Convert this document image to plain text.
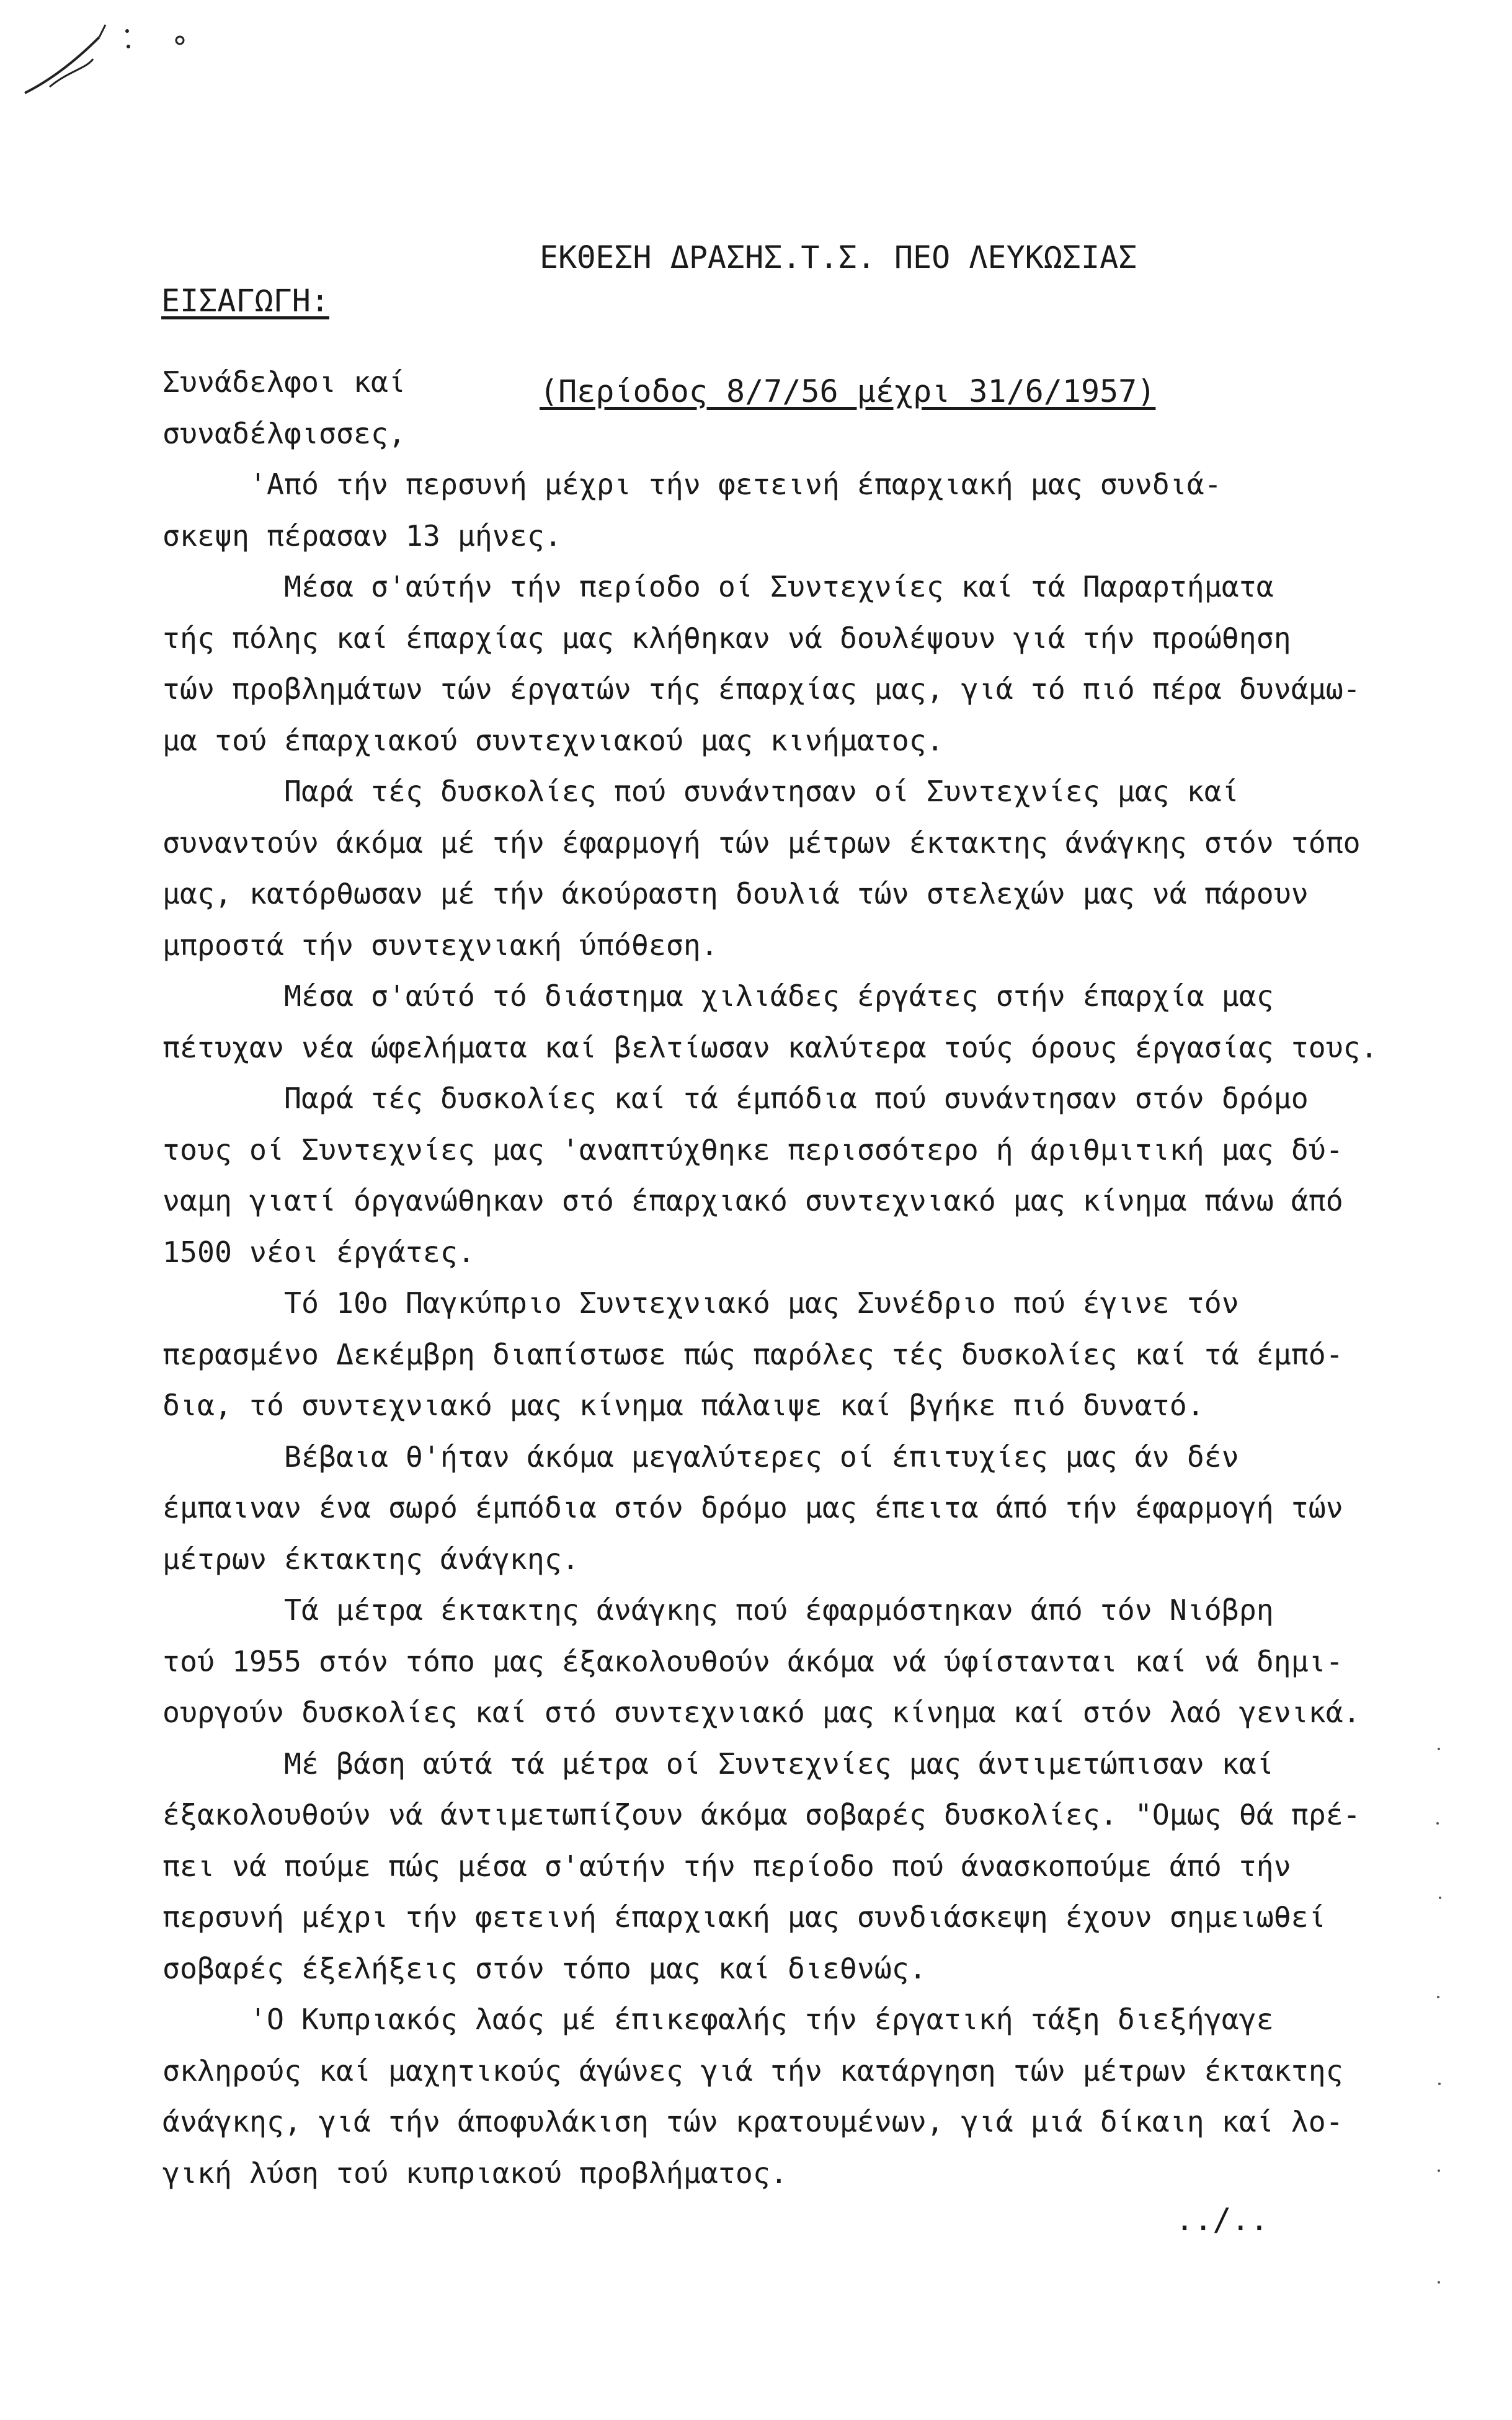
ΕΚΘΕΣΗ ΔΡΑΣΗΣ.Τ.Σ. ΠΕΟ ΛΕΥΚΩΣΙΑΣ

(Περίοδος 8/7/56 μέχρι 31/6/1957)

ΕΙΣΑΓΩΓΗ:
Συνάδελφοι καί
συναδέλφισσες,
'Από τήν περσυνή μέχρι τήν φετεινή έπαρχιακή μας συνδιά-
σκεψη πέρασαν 13 μήνες.
Μέσα σ'αύτήν τήν περίοδο οί Συντεχνίες καί τά Παραρτήματα
τής πόλης καί έπαρχίας μας κλήθηκαν νά δουλέψουν γιά τήν προώθηση
τών προβλημάτων τών έργατών τής έπαρχίας μας, γιά τό πιό πέρα δυνάμω-
μα τού έπαρχιακού συντεχνιακού μας κινήματος.
Παρά τές δυσκολίες πού συνάντησαν οί Συντεχνίες μας καί
συναντούν άκόμα μέ τήν έφαρμογή τών μέτρων έκτακτης άνάγκης στόν τόπο
μας, κατόρθωσαν μέ τήν άκούραστη δουλιά τών στελεχών μας νά πάρουν
μπροστά τήν συντεχνιακή ύπόθεση.
Μέσα σ'αύτό τό διάστημα χιλιάδες έργάτες στήν έπαρχία μας
πέτυχαν νέα ώφελήματα καί βελτίωσαν καλύτερα τούς όρους έργασίας τους.
Παρά τές δυσκολίες καί τά έμπόδια πού συνάντησαν στόν δρόμο
τους οί Συντεχνίες μας 'αναπτύχθηκε περισσότερο ή άριθμιτική μας δύ-
ναμη γιατί όργανώθηκαν στό έπαρχιακό συντεχνιακό μας κίνημα πάνω άπό
1500 νέοι έργάτες.
Τό 10ο Παγκύπριο Συντεχνιακό μας Συνέδριο πού έγινε τόν
περασμένο Δεκέμβρη διαπίστωσε πώς παρόλες τές δυσκολίες καί τά έμπό-
δια, τό συντεχνιακό μας κίνημα πάλαιψε καί βγήκε πιό δυνατό.
Βέβαια θ'ήταν άκόμα μεγαλύτερες οί έπιτυχίες μας άν δέν
έμπαιναν ένα σωρό έμπόδια στόν δρόμο μας έπειτα άπό τήν έφαρμογή τών
μέτρων έκτακτης άνάγκης.
Τά μέτρα έκτακτης άνάγκης πού έφαρμόστηκαν άπό τόν Νιόβρη
τού 1955 στόν τόπο μας έξακολουθούν άκόμα νά ύφίστανται καί νά δημι-
ουργούν δυσκολίες καί στό συντεχνιακό μας κίνημα καί στόν λαό γενικά.
Μέ βάση αύτά τά μέτρα οί Συντεχνίες μας άντιμετώπισαν καί
έξακολουθούν νά άντιμετωπίζουν άκόμα σοβαρές δυσκολίες. "Ομως θά πρέ-
πει νά πούμε πώς μέσα σ'αύτήν τήν περίοδο πού άνασκοπούμε άπό τήν
περσυνή μέχρι τήν φετεινή έπαρχιακή μας συνδιάσκεψη έχουν σημειωθεί
σοβαρές έξελήξεις στόν τόπο μας καί διεθνώς.
'Ο Κυπριακός λαός μέ έπικεφαλής τήν έργατική τάξη διεξήγαγε
σκληρούς καί μαχητικούς άγώνες γιά τήν κατάργηση τών μέτρων έκτακτης
άνάγκης, γιά τήν άποφυλάκιση τών κρατουμένων, γιά μιά δίκαιη καί λο-
γική λύση τού κυπριακού προβλήματος.
../..
